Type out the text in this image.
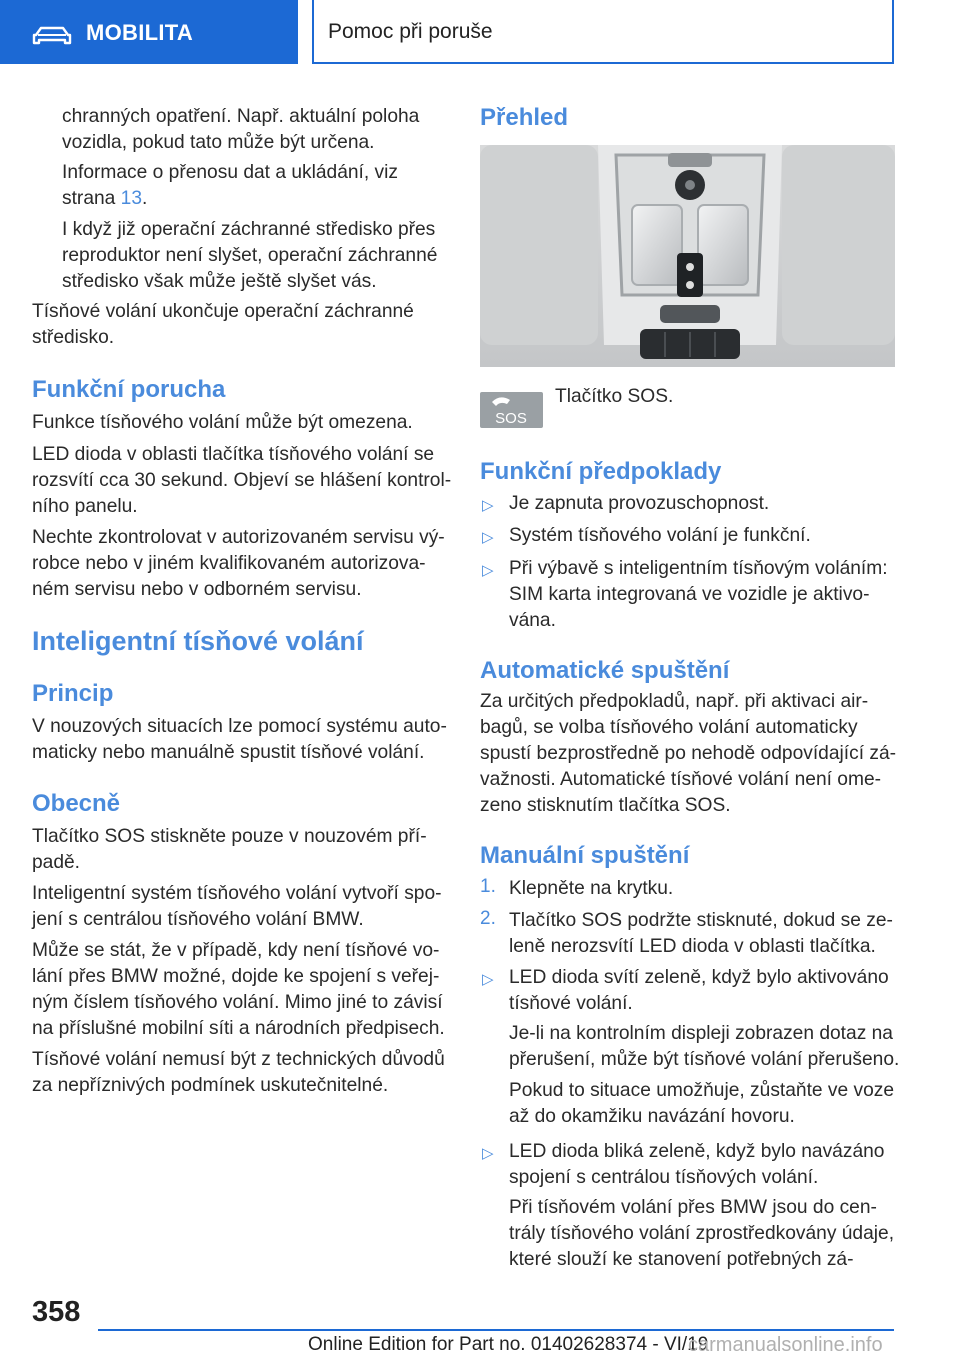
MOBILITA	Pomoc při poruše

chranných opatření. Např. aktuální poloha
vozidla, pokud tato může být určena.

Informace o přenosu dat a ukládání, viz
strana 13.

I když již operační záchranné středisko přes
reproduktor není slyšet, operační záchranné
středisko však může ještě slyšet vás.

Tísňové volání ukončuje operační záchranné
středisko.

Funkční porucha

Funkce tísňového volání může být omezena.

LED dioda v oblasti tlačítka tísňového volání se
rozsvítí cca 30 sekund. Objeví se hlášení kontrol-
ního panelu.

Nechte zkontrolovat v autorizovaném servisu vý-
robce nebo v jiném kvalifikovaném autorizova-
ném servisu nebo v odborném servisu.

Inteligentní tísňové volání
Princip

V nouzových situacích lze pomocí systému auto-
maticky nebo manuálně spustit tísňové volání.

Obecně

Tlačítko SOS stiskněte pouze v nouzovém pří-
padě.

Inteligentní systém tísňového volání vytvoří spo-
jení s centrálou tísňového volání BMW.

Může se stát, že v případě, kdy není tísňové vo-
lání přes BMW možné, dojde ke spojení s veřej-
ným číslem tísňového volání. Mimo jiné to závisí
na příslušné mobilní síti a národních předpisech.

Tísňové volání nemusí být z technických důvodů
za nepříznivých podmínek uskutečnitelné.

Přehled
SOS

Tlačítko SOS.

Funkční předpoklady
▷ Je zapnuta provozuschopnost.

▷ Systém tísňového volání je funkční.

▷ Při výbavě s inteligentním tísňovým voláním:
SIM karta integrovaná ve vozidle je aktivo-
vána.

Automatické spuštění

Za určitých předpokladů, např. při aktivaci air-
bagů, se volba tísňového volání automaticky
spustí bezprostředně po nehodě odpovídající zá-
važnosti. Automatické tísňové volání není ome-
zeno stisknutím tlačítka SOS.

Manuální spuštění
1. Klepněte na krytku.

2. Tlačítko SOS podržte stisknuté, dokud se ze-
leně nerozsvítí LED dioda v oblasti tlačítka.

▷ LED dioda svítí zeleně, když bylo aktivováno
tísňové volání.

Je-li na kontrolním displeji zobrazen dotaz na
přerušení, může být tísňové volání přerušeno.

Pokud to situace umožňuje, zůstaňte ve voze
až do okamžiku navázání hovoru.

▷ LED dioda bliká zeleně, když bylo navázáno
spojení s centrálou tísňových volání.

Při tísňovém volání přes BMW jsou do cen-
trály tísňového volání zprostředkovány údaje,
které slouží ke stanovení potřebných zá-

358
Online Edition for Part no. 01402628374 - VI/19
carmanualsonline.info
